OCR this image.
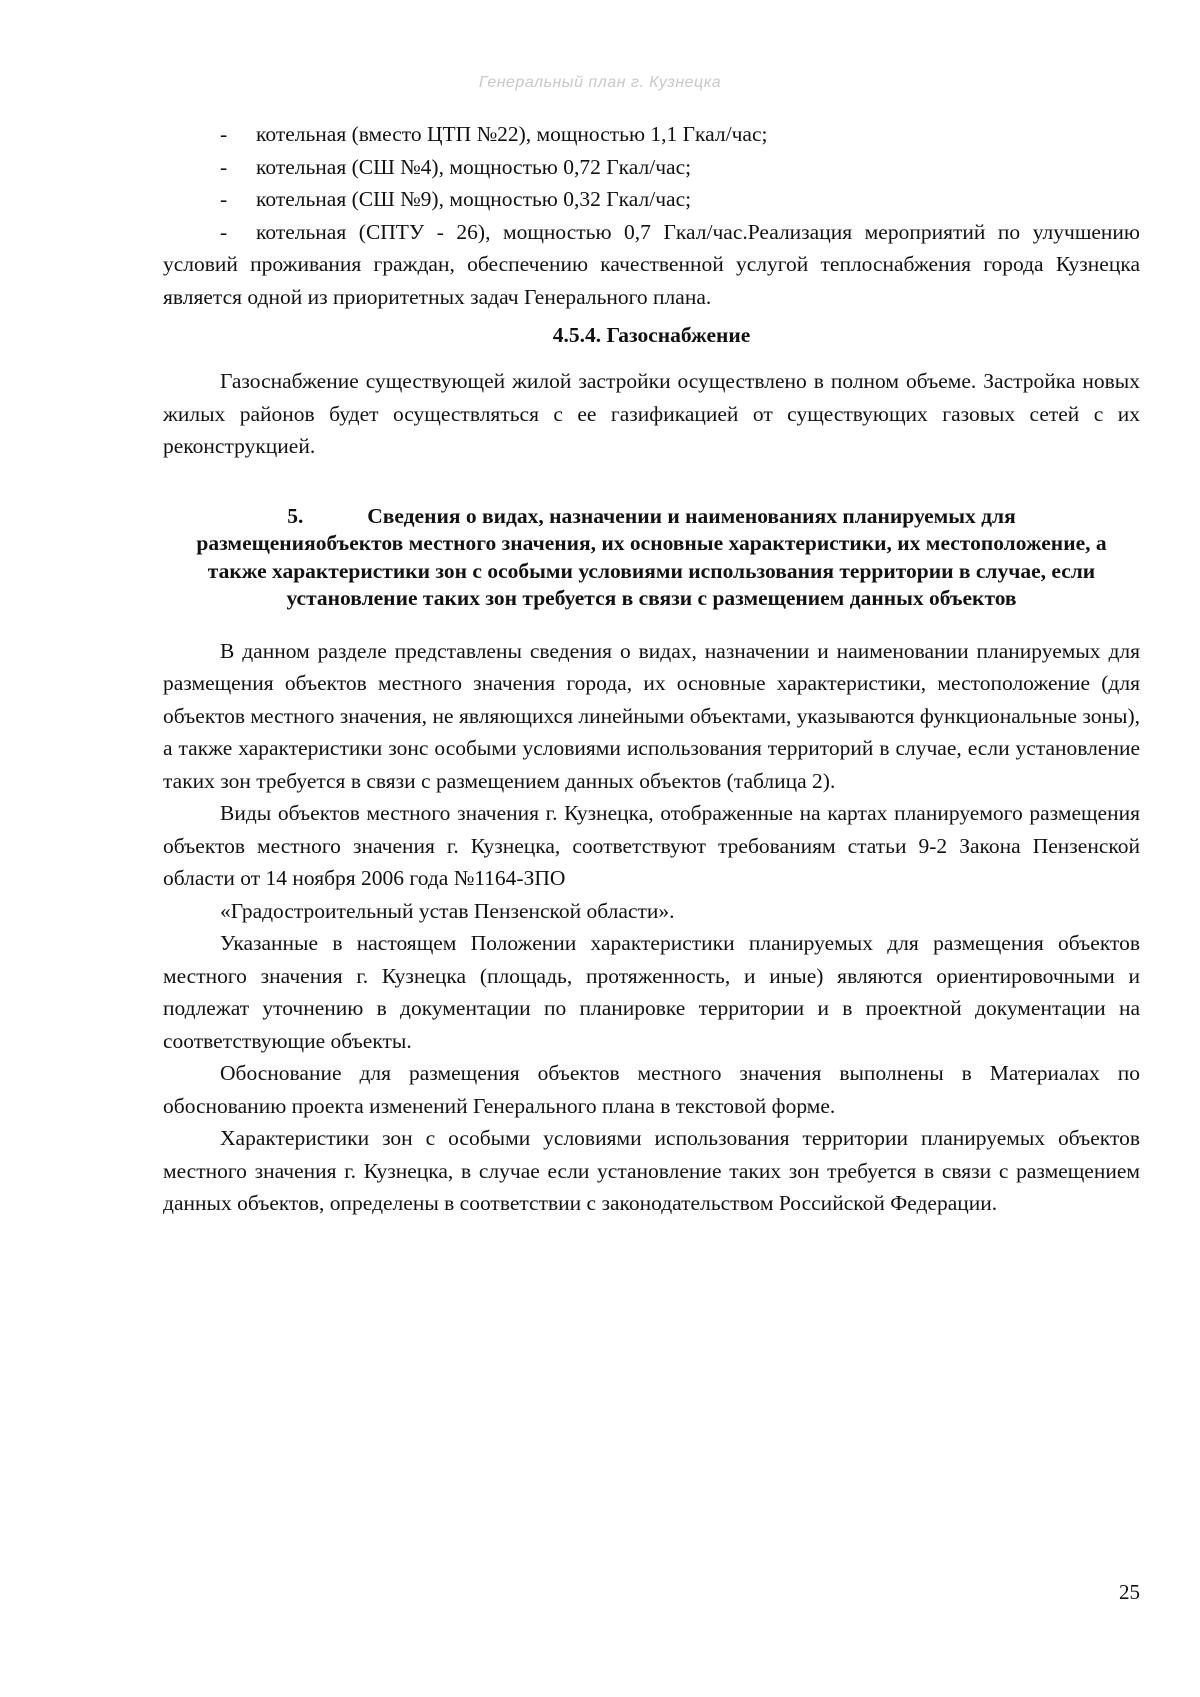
Генеральный план г. Кузнецка
-	котельная (вместо ЦТП №22), мощностью 1,1 Гкал/час;
-	котельная (СШ №4), мощностью 0,72 Гкал/час;
-	котельная (СШ №9), мощностью 0,32 Гкал/час;
- котельная (СПТУ - 26), мощностью 0,7 Гкал/час.Реализация мероприятий по улучшению условий проживания граждан, обеспечению качественной услугой теплоснабжения города Кузнецка является одной из приоритетных задач Генерального плана.
4.5.4. Газоснабжение

Газоснабжение существующей жилой застройки осуществлено в полном объеме. Застройка новых жилых районов будет осуществляться с ее газификацией от существующих газовых сетей с их реконструкцией.

5.	Сведения о видах, назначении и наименованиях планируемых для
размещенияобъектов местного значения, их основные характеристики, их местоположение, а также характеристики зон с особыми условиями использования территории в случае, если установление таких зон требуется в связи с размещением данных объектов

В данном разделе представлены сведения о видах, назначении и наименовании планируемых для размещения объектов местного значения города, их основные характеристики, местоположение (для объектов местного значения, не являющихся линейными объектами, указываются функциональные зоны), а также характеристики зонс особыми условиями использования территорий в случае, если установление таких зон требуется в связи с размещением данных объектов (таблица 2).

Виды объектов местного значения г. Кузнецка, отображенные на картах планируемого размещения объектов местного значения г. Кузнецка, соответствуют требованиям статьи 9-2 Закона Пензенской области от 14 ноября 2006 года №1164-ЗПО

«Градостроительный устав Пензенской области».

Указанные в настоящем Положении характеристики планируемых для размещения объектов местного значения г. Кузнецка (площадь, протяженность, и иные) являются ориентировочными и подлежат уточнению в документации по планировке территории и в проектной документации на соответствующие объекты.

Обоснование для размещения объектов местного значения выполнены в Материалах по обоснованию проекта изменений Генерального плана в текстовой форме.

Характеристики зон с особыми условиями использования территории планируемых объектов местного значения г. Кузнецка, в случае если установление таких зон требуется в связи с размещением данных объектов, определены в соответствии с законодательством Российской Федерации.

25
